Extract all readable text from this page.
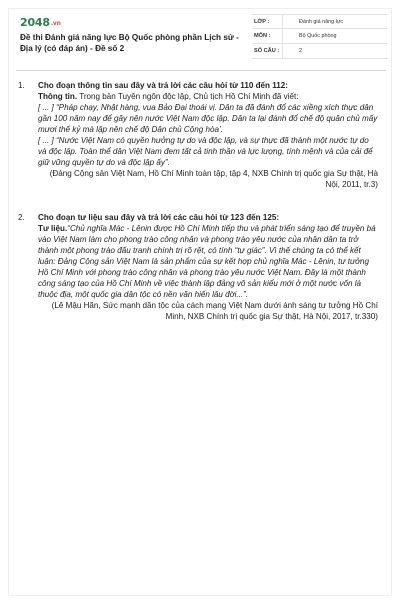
2048.vn
Đề thi Đánh giá năng lực Bộ Quốc phòng phần Lịch sử - Địa lý (có đáp án) - Đề số 2
LỚP :	Đánh giá năng lực
MÔN :	Bộ Quốc phòng
SỐ CÂU :	2
1.	Cho đoạn thông tin sau đây và trả lời các câu hỏi từ 110 đến 112:
Thông tin. Trong bản Tuyên ngôn độc lập, Chủ tịch Hồ Chí Minh đã viết:
[ ... ] “Pháp chạy, Nhật hàng, vua Bảo Đại thoái vị. Dân ta đã đánh đổ các xiềng xích thực dân gần 100 năm nay để gây nên nước Việt Nam độc lập. Dân ta lại đánh đổ chế độ quân chủ mấy mươi thế kỷ mà lập nên chế độ Dân chủ Cộng hòa’.
[ ... ] “Nước Việt Nam có quyền hưởng tự do và độc lập, và sự thực đã thành một nước tự do và độc lập. Toàn thể dân Việt Nam đem tất cả tinh thần và lực lượng, tính mệnh và của cải để giữ vững quyền tự do và độc lập ấy”.
(Đảng Cộng sản Việt Nam, Hồ Chí Minh toàn tập, tập 4, NXB Chính trị quốc gia Sự thật, Hà Nội, 2011, tr.3)
2.	Cho đoạn tư liệu sau đây và trả lời các câu hỏi từ 123 đến 125:
Tư liệu.“Chủ nghĩa Mác - Lênin được Hồ Chí Minh tiếp thu và phát triển sáng tạo để truyền bá vào Việt Nam làm cho phong trào công nhân và phong trào yêu nước của nhân dân ta trở thành một phong trào đấu tranh chính trị rõ rệt, có tính “tự giác”. Vì thế chúng ta có thể kết luận: Đảng Cộng sản Việt Nam là sản phẩm của sự kết hợp chủ nghĩa Mác - Lênin, tư tưởng Hồ Chí Minh với phong trào công nhân và phong trào yêu nước Việt Nam. Đây là một thành công sáng tạo của Hồ Chí Minh về việc thành lập đảng vô sản kiểu mới ở một nước vốn là thuộc địa, một quốc gia dân tộc có nền văn hiến lâu đời...”.
(Lê Mậu Hãn, Sức mạnh dân tộc của cách mạng Việt Nam dưới ánh sáng tư tưởng Hồ Chí Minh, NXB Chính trị quốc gia Sự thật, Hà Nội, 2017, tr.330)
